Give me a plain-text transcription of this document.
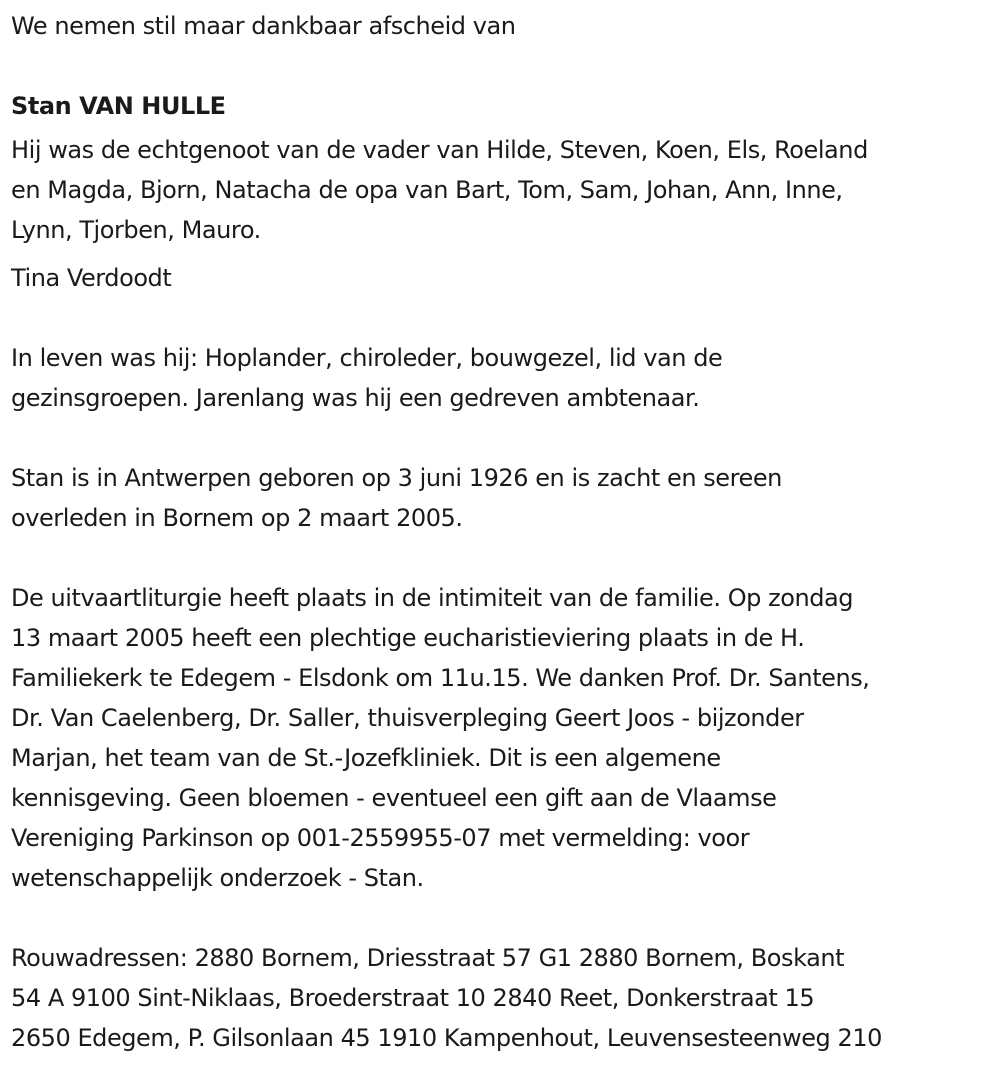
We nemen stil maar dankbaar afscheid van

Stan VAN HULLE

Hij was de echtgenoot van de vader van Hilde, Steven, Koen, Els, Roeland

en Magda, Bjorn, Natacha de opa van Bart, Tom, Sam, Johan, Ann, Inne,

Lynn, Tjorben, Mauro.

Tina Verdoodt

In leven was hij: Hoplander, chiroleder, bouwgezel, lid van de

gezinsgroepen. Jarenlang was hij een gedreven ambtenaar.

Stan is in Antwerpen geboren op 3 juni 1926 en is zacht en sereen

overleden in Bornem op 2 maart 2005.

De uitvaartliturgie heeft plaats in de intimiteit van de familie. Op zondag

13 maart 2005 heeft een plechtige eucharistieviering plaats in de H.

Familiekerk te Edegem - Elsdonk om 11u.15. We danken Prof. Dr. Santens,

Dr. Van Caelenberg, Dr. Saller, thuisverpleging Geert Joos - bijzonder

Marjan, het team van de St.-Jozefkliniek. Dit is een algemene

kennisgeving. Geen bloemen - eventueel een gift aan de Vlaamse

Vereniging Parkinson op 001-2559955-07 met vermelding: voor

wetenschappelijk onderzoek - Stan.

Rouwadressen: 2880 Bornem, Driesstraat 57 G1 2880 Bornem, Boskant

54 A 9100 Sint-Niklaas, Broederstraat 10 2840 Reet, Donkerstraat 15

2650 Edegem, P. Gilsonlaan 45 1910 Kampenhout, Leuvensesteenweg 210
